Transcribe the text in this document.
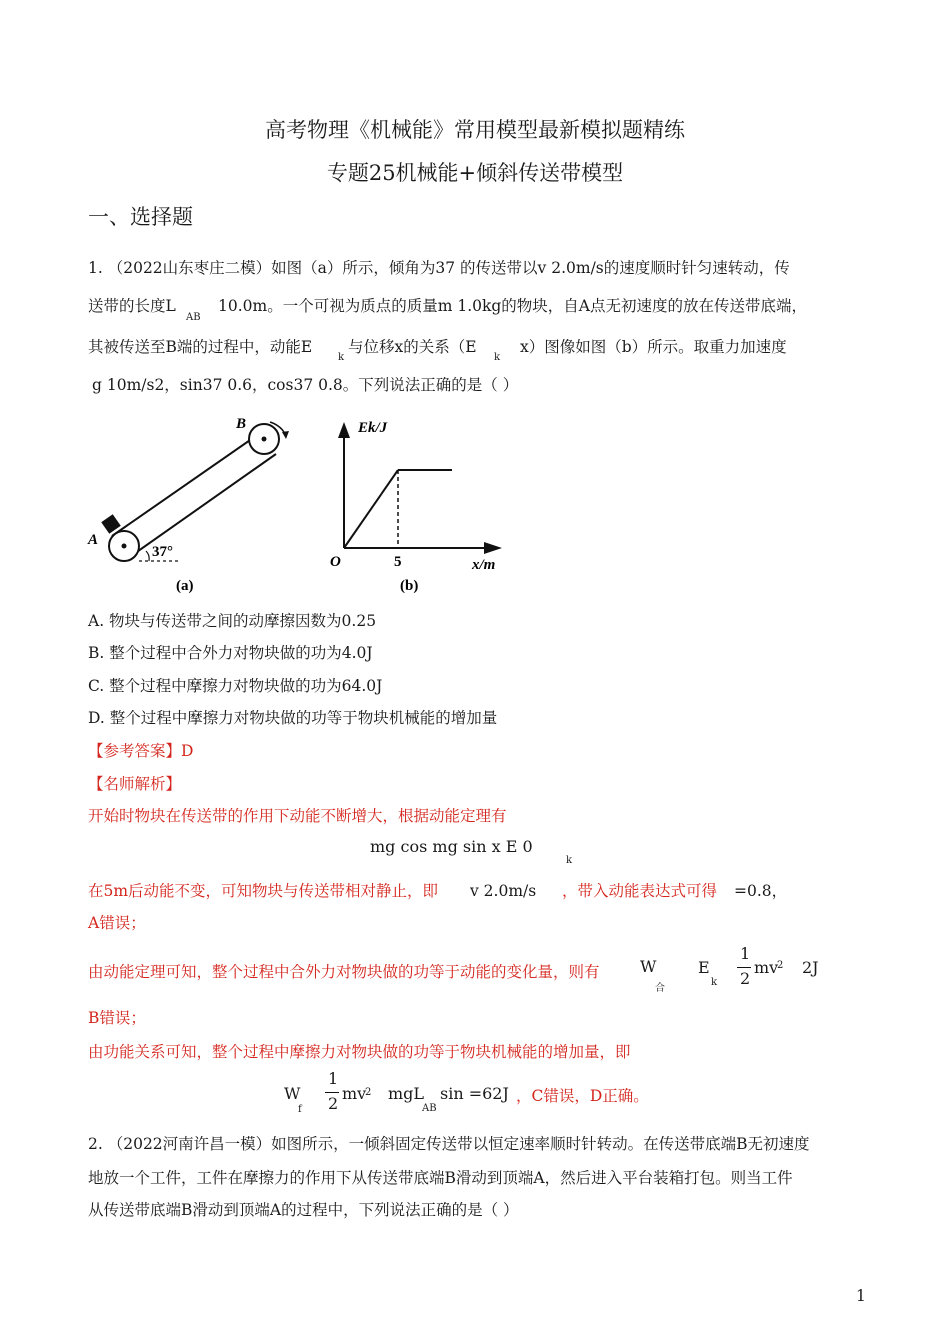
高考物理《机械能》常用模型最新模拟题精练
专题25机械能+倾斜传送带模型
一、选择题
1. （2022山东枣庄二模）如图（a）所示，倾角为37 的传送带以v 2.0m/s的速度顺时针匀速转动，传
送带的长度L
AB
10.0m。一个可视为质点的质量m 1.0kg的物块，自A点无初速度的放在传送带底端，
其被传送至B端的过程中，动能E
k
与位移x的关系（E
k
x）图像如图（b）所示。取重力加速度
g 10m/s2，sin37 0.6，cos37 0.8。下列说法正确的是（ ）
B
A
37°
(a)
Ek/J
O	5	x/m
(b)
A. 物块与传送带之间的动摩擦因数为0.25
B. 整个过程中合外力对物块做的功为4.0J
C. 整个过程中摩擦力对物块做的功为64.0J
D. 整个过程中摩擦力对物块做的功等于物块机械能的增加量
【参考答案】D
【名师解析】
开始时物块在传送带的作用下动能不断增大，根据动能定理有
mg cos mg sin x E 0
k
在5m后动能不变，可知物块与传送带相对静止，即 v 2.0m/s ，带入动能表达式可得 =0.8，
A错误；
由动能定理可知，整个过程中合外力对物块做的功等于动能的变化量，则有	W
合
E
k
1
2
mv
2 2J
B错误；
由功能关系可知，整个过程中摩擦力对物块做的功等于物块机械能的增加量，即
W
f
1
2
mv
2 mgL
AB
sin =62J ，C错误，D正确。
2. （2022河南许昌一模）如图所示，一倾斜固定传送带以恒定速率顺时针转动。在传送带底端B无初速度
地放一个工件，工件在摩擦力的作用下从传送带底端B滑动到顶端A，然后进入平台装箱打包。则当工件
从传送带底端B滑动到顶端A的过程中，下列说法正确的是（ ）
1
